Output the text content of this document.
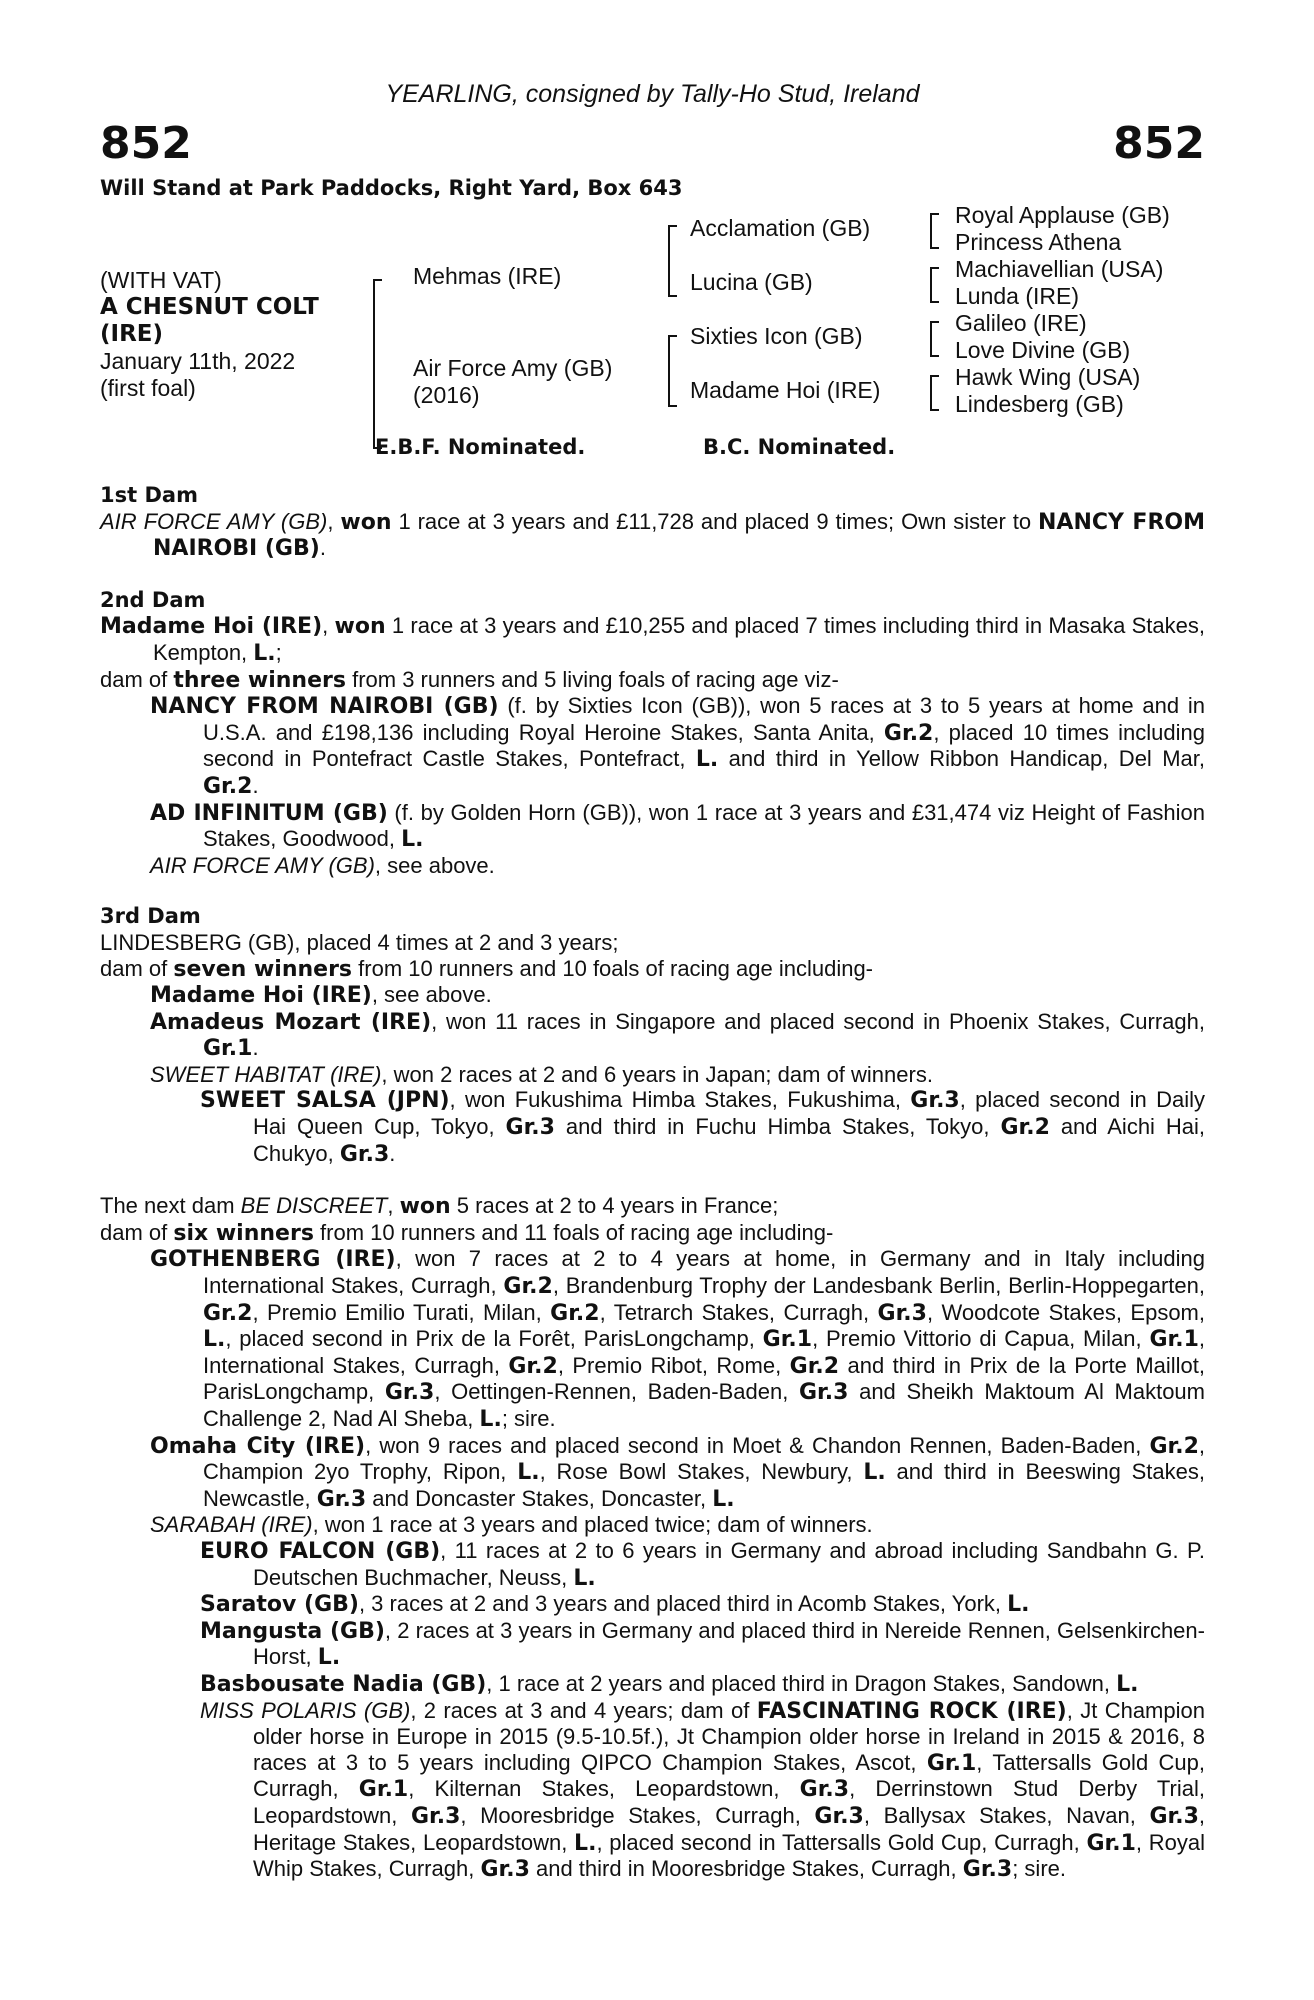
YEARLING, consigned by Tally-Ho Stud, Ireland
852	852
Will Stand at Park Paddocks, Right Yard, Box 643
(WITH VAT)
A CHESNUT COLT
(IRE)
January 11th, 2022
(first foal)
Mehmas (IRE)
Air Force Amy (GB)
(2016)
Acclamation (GB)
Lucina (GB)
Sixties Icon (GB)
Madame Hoi (IRE)
Royal Applause (GB)
Princess Athena
Machiavellian (USA)
Lunda (IRE)
Galileo (IRE)
Love Divine (GB)
Hawk Wing (USA)
Lindesberg (GB)
E.B.F. Nominated.	B.C. Nominated.
1st Dam

AIR FORCE AMY (GB), won 1 race at 3 years and £11,728 and placed 9 times; Own sister to NANCY FROM NAIROBI (GB).

2nd Dam

Madame Hoi (IRE), won 1 race at 3 years and £10,255 and placed 7 times including third in Masaka Stakes, Kempton, L.;

dam of three winners from 3 runners and 5 living foals of racing age viz-

NANCY FROM NAIROBI (GB) (f. by Sixties Icon (GB)), won 5 races at 3 to 5 years at home and in U.S.A. and £198,136 including Royal Heroine Stakes, Santa Anita, Gr.2, placed 10 times including second in Pontefract Castle Stakes, Pontefract, L. and third in Yellow Ribbon Handicap, Del Mar, Gr.2.

AD INFINITUM (GB) (f. by Golden Horn (GB)), won 1 race at 3 years and £31,474 viz Height of Fashion Stakes, Goodwood, L.

AIR FORCE AMY (GB), see above.

3rd Dam

LINDESBERG (GB), placed 4 times at 2 and 3 years;

dam of seven winners from 10 runners and 10 foals of racing age including-

Madame Hoi (IRE), see above.

Amadeus Mozart (IRE), won 11 races in Singapore and placed second in Phoenix Stakes, Curragh, Gr.1.

SWEET HABITAT (IRE), won 2 races at 2 and 6 years in Japan; dam of winners.

SWEET SALSA (JPN), won Fukushima Himba Stakes, Fukushima, Gr.3, placed second in Daily Hai Queen Cup, Tokyo, Gr.3 and third in Fuchu Himba Stakes, Tokyo, Gr.2 and Aichi Hai, Chukyo, Gr.3.

The next dam BE DISCREET, won 5 races at 2 to 4 years in France;

dam of six winners from 10 runners and 11 foals of racing age including-

GOTHENBERG (IRE), won 7 races at 2 to 4 years at home, in Germany and in Italy including International Stakes, Curragh, Gr.2, Brandenburg Trophy der Landesbank Berlin, Berlin-Hoppegarten, Gr.2, Premio Emilio Turati, Milan, Gr.2, Tetrarch Stakes, Curragh, Gr.3, Woodcote Stakes, Epsom, L., placed second in Prix de la Forêt, ParisLongchamp, Gr.1, Premio Vittorio di Capua, Milan, Gr.1, International Stakes, Curragh, Gr.2, Premio Ribot, Rome, Gr.2 and third in Prix de la Porte Maillot, ParisLongchamp, Gr.3, Oettingen-Rennen, Baden-Baden, Gr.3 and Sheikh Maktoum Al Maktoum Challenge 2, Nad Al Sheba, L.; sire.

Omaha City (IRE), won 9 races and placed second in Moet & Chandon Rennen, Baden-Baden, Gr.2, Champion 2yo Trophy, Ripon, L., Rose Bowl Stakes, Newbury, L. and third in Beeswing Stakes, Newcastle, Gr.3 and Doncaster Stakes, Doncaster, L.

SARABAH (IRE), won 1 race at 3 years and placed twice; dam of winners.

EURO FALCON (GB), 11 races at 2 to 6 years in Germany and abroad including Sandbahn G. P. Deutschen Buchmacher, Neuss, L.

Saratov (GB), 3 races at 2 and 3 years and placed third in Acomb Stakes, York, L.

Mangusta (GB), 2 races at 3 years in Germany and placed third in Nereide Rennen, Gelsenkirchen-Horst, L.

Basbousate Nadia (GB), 1 race at 2 years and placed third in Dragon Stakes, Sandown, L.

MISS POLARIS (GB), 2 races at 3 and 4 years; dam of FASCINATING ROCK (IRE), Jt Champion older horse in Europe in 2015 (9.5-10.5f.), Jt Champion older horse in Ireland in 2015 & 2016, 8 races at 3 to 5 years including QIPCO Champion Stakes, Ascot, Gr.1, Tattersalls Gold Cup, Curragh, Gr.1, Kilternan Stakes, Leopardstown, Gr.3, Derrinstown Stud Derby Trial, Leopardstown, Gr.3, Mooresbridge Stakes, Curragh, Gr.3, Ballysax Stakes, Navan, Gr.3, Heritage Stakes, Leopardstown, L., placed second in Tattersalls Gold Cup, Curragh, Gr.1, Royal Whip Stakes, Curragh, Gr.3 and third in Mooresbridge Stakes, Curragh, Gr.3; sire.
